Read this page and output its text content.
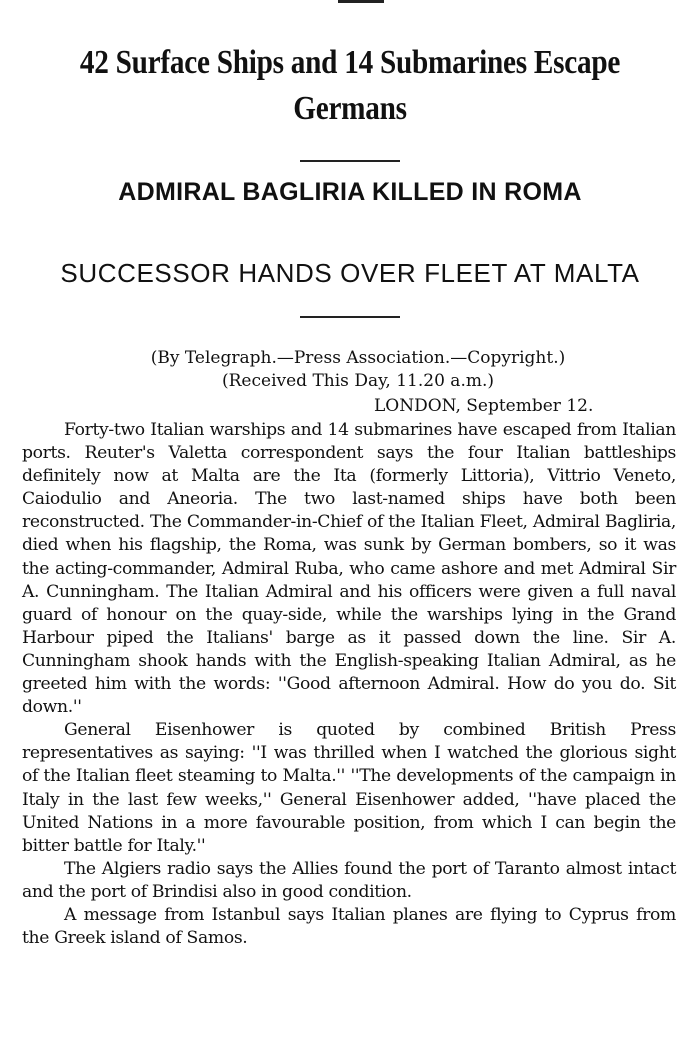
42 Surface Ships and 14 Submarines Escape
Germans
ADMIRAL BAGLIRIA KILLED IN ROMA
SUCCESSOR HANDS OVER FLEET AT MALTA
(By Telegraph.—Press Association.—Copyright.)
(Received This Day, 11.20 a.m.)
LONDON, September 12.

Forty-two Italian warships and 14 submarines have escaped from Italian ports. Reuter's Valetta correspondent says the four Italian battleships definitely now at Malta are the Ita (formerly Littoria), Vittrio Veneto, Caiodulio and Aneoria. The two last-named ships have both been reconstructed. The Commander-in-Chief of the Italian Fleet, Admiral Bagliria, died when his flagship, the Roma, was sunk by German bombers, so it was the acting-commander, Admiral Ruba, who came ashore and met Admiral Sir A. Cunningham. The Italian Admiral and his officers were given a full naval guard of honour on the quay-side, while the warships lying in the Grand Harbour piped the Italians' barge as it passed down the line. Sir A. Cunningham shook hands with the English-speaking Italian Admiral, as he greeted him with the words: ''Good afternoon Admiral. How do you do. Sit down.''

General Eisenhower is quoted by combined British Press representatives as saying: ''I was thrilled when I watched the glorious sight of the Italian fleet steaming to Malta.'' ''The developments of the campaign in Italy in the last few weeks,'' General Eisenhower added, ''have placed the United Nations in a more favourable position, from which I can begin the bitter battle for Italy.''

The Algiers radio says the Allies found the port of Taranto almost intact and the port of Brindisi also in good condition.

A message from Istanbul says Italian planes are flying to Cyprus from the Greek island of Samos.
